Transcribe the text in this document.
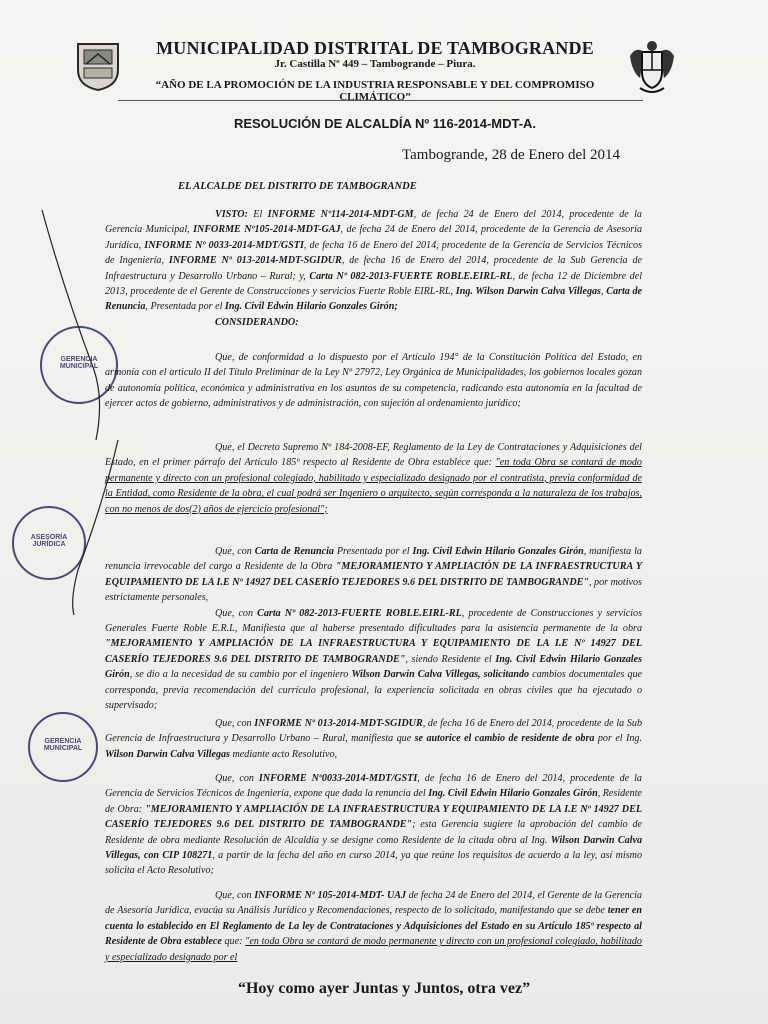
MUNICIPALIDAD DISTRITAL DE TAMBOGRANDE
Jr. Castilla Nº 449 – Tambogrande – Piura.
“AÑO DE LA PROMOCIÓN DE LA INDUSTRIA RESPONSABLE Y DEL COMPROMISO CLIMÁTICO”
RESOLUCIÓN DE ALCALDÍA Nº 116-2014-MDT-A.
Tambogrande, 28 de Enero del 2014
EL ALCALDE DEL DISTRITO DE TAMBOGRANDE
GERENCIA MUNICIPAL
ASESORÍA JURÍDICA
GERENCIA MUNICIPAL

VISTO: El INFORME Nº114-2014-MDT-GM, de fecha 24 de Enero del 2014, procedente de la Gerencia Municipal, INFORME Nº105-2014-MDT-GAJ, de fecha 24 de Enero del 2014, procedente de la Gerencia de Asesoría Jurídica, INFORME Nº 0033-2014-MDT/GSTI, de fecha 16 de Enero del 2014, procedente de la Gerencia de Servicios Técnicos de Ingeniería, INFORME Nº 013-2014-MDT-SGIDUR, de fecha 16 de Enero del 2014, procedente de la Sub Gerencia de Infraestructura y Desarrollo Urbano – Rural; y, Carta Nº 082-2013-FUERTE ROBLE.EIRL-RL, de fecha 12 de Diciembre del 2013, procedente de el Gerente de Construcciones y servicios Fuerte Roble EIRL-RL, Ing. Wilson Darwin Calva Villegas, Carta de Renuncia, Presentada por el Ing. Civil Edwin Hilario Gonzales Girón;

CONSIDERANDO:

Que, de conformidad a lo dispuesto por el Artículo 194° de la Constitución Política del Estado, en armonía con el articulo II del Título Preliminar de la Ley Nº 27972, Ley Orgánica de Municipalidades, los gobiernos locales gozan de autonomía política, económica y administrativa en los asuntos de su competencia, radicando esta autonomía en la facultad de ejercer actos de gobierno, administrativos y de administración, con sujeción al ordenamiento jurídico;

Que, el Decreto Supremo Nº 184-2008-EF, Reglamento de la Ley de Contrataciones y Adquisiciones del Estado, en el primer párrafo del Artículo 185º respecto al Residente de Obra establece que: "en toda Obra se contará de modo permanente y directo con un profesional colegiado, habilitado y especializado designado por el contratista, previa conformidad de la Entidad, como Residente de la obra, el cual podrá ser Ingeniero o arquitecto, según corresponda a la naturaleza de los trabajos, con no menos de dos(2) años de ejercicio profesional";

Que, con Carta de Renuncia Presentada por el Ing. Civil Edwin Hilario Gonzales Girón, manifiesta la renuncia irrevocable del cargo a Residente de la Obra "MEJORAMIENTO Y AMPLIACIÓN DE LA INFRAESTRUCTURA Y EQUIPAMIENTO DE LA I.E Nº 14927 DEL CASERÍO TEJEDORES 9.6 DEL DISTRITO DE TAMBOGRANDE", por motivos estrictamente personales,

Que, con Carta Nº 082-2013-FUERTE ROBLE.EIRL-RL, procedente de Construcciones y servicios Generales Fuerte Roble E.R.L, Manifiesta que al haberse presentado dificultades para la asistencia permanente de la obra "MEJORAMIENTO Y AMPLIACIÓN DE LA INFRAESTRUCTURA Y EQUIPAMIENTO DE LA I.E Nº 14927 DEL CASERÍO TEJEDORES 9.6 DEL DISTRITO DE TAMBOGRANDE", siendo Residente el Ing. Civil Edwin Hilario Gonzales Girón, se dio a la necesidad de su cambio por el ingeniero Wilson Darwin Calva Villegas, solicitando cambios documentales que corresponda, previa recomendación del currículo profesional, la experiencia solicitada en obras civiles que ha ejecutado o supervisado;

Que, con INFORME Nº 013-2014-MDT-SGIDUR, de fecha 16 de Enero del 2014, procedente de la Sub Gerencia de Infraestructura y Desarrollo Urbano – Rural, manifiesta que se autorice el cambio de residente de obra por el Ing. Wilson Darwin Calva Villegas mediante acto Resolutivo,

Que, con INFORME Nº0033-2014-MDT/GSTI, de fecha 16 de Enero del 2014, procedente de la Gerencia de Servicios Técnicos de Ingeniería, expone que dada la renuncia del Ing. Civil Edwin Hilario Gonzales Girón, Residente de Obra: "MEJORAMIENTO Y AMPLIACIÓN DE LA INFRAESTRUCTURA Y EQUIPAMIENTO DE LA I.E Nº 14927 DEL CASERÍO TEJEDORES 9.6 DEL DISTRITO DE TAMBOGRANDE"; esta Gerencia sugiere la aprobación del cambio de Residente de obra mediante Resolución de Alcaldía y se designe como Residente de la citada obra al Ing. Wilson Darwin Calva Villegas, con CIP 108271, a partir de la fecha del año en curso 2014, ya que reúne los requisitos de acuerdo a la ley, así mismo solicita el Acto Resolutivo;

Que, con INFORME Nº 105-2014-MDT- UAJ de fecha 24 de Enero del 2014, el Gerente de la Gerencia de Asesoría Jurídica, evacúa su Análisis Jurídico y Recomendaciones, respecto de lo solicitado, manifestando que se debe tener en cuenta lo establecido en El Reglamento de La ley de Contrataciones y Adquisiciones del Estado en su Artículo 185º respecto al Residente de Obra establece que: "en toda Obra se contará de modo permanente y directo con un profesional colegiado, habilitado y especializado designado por el

“Hoy como ayer Juntas y Juntos, otra vez”
